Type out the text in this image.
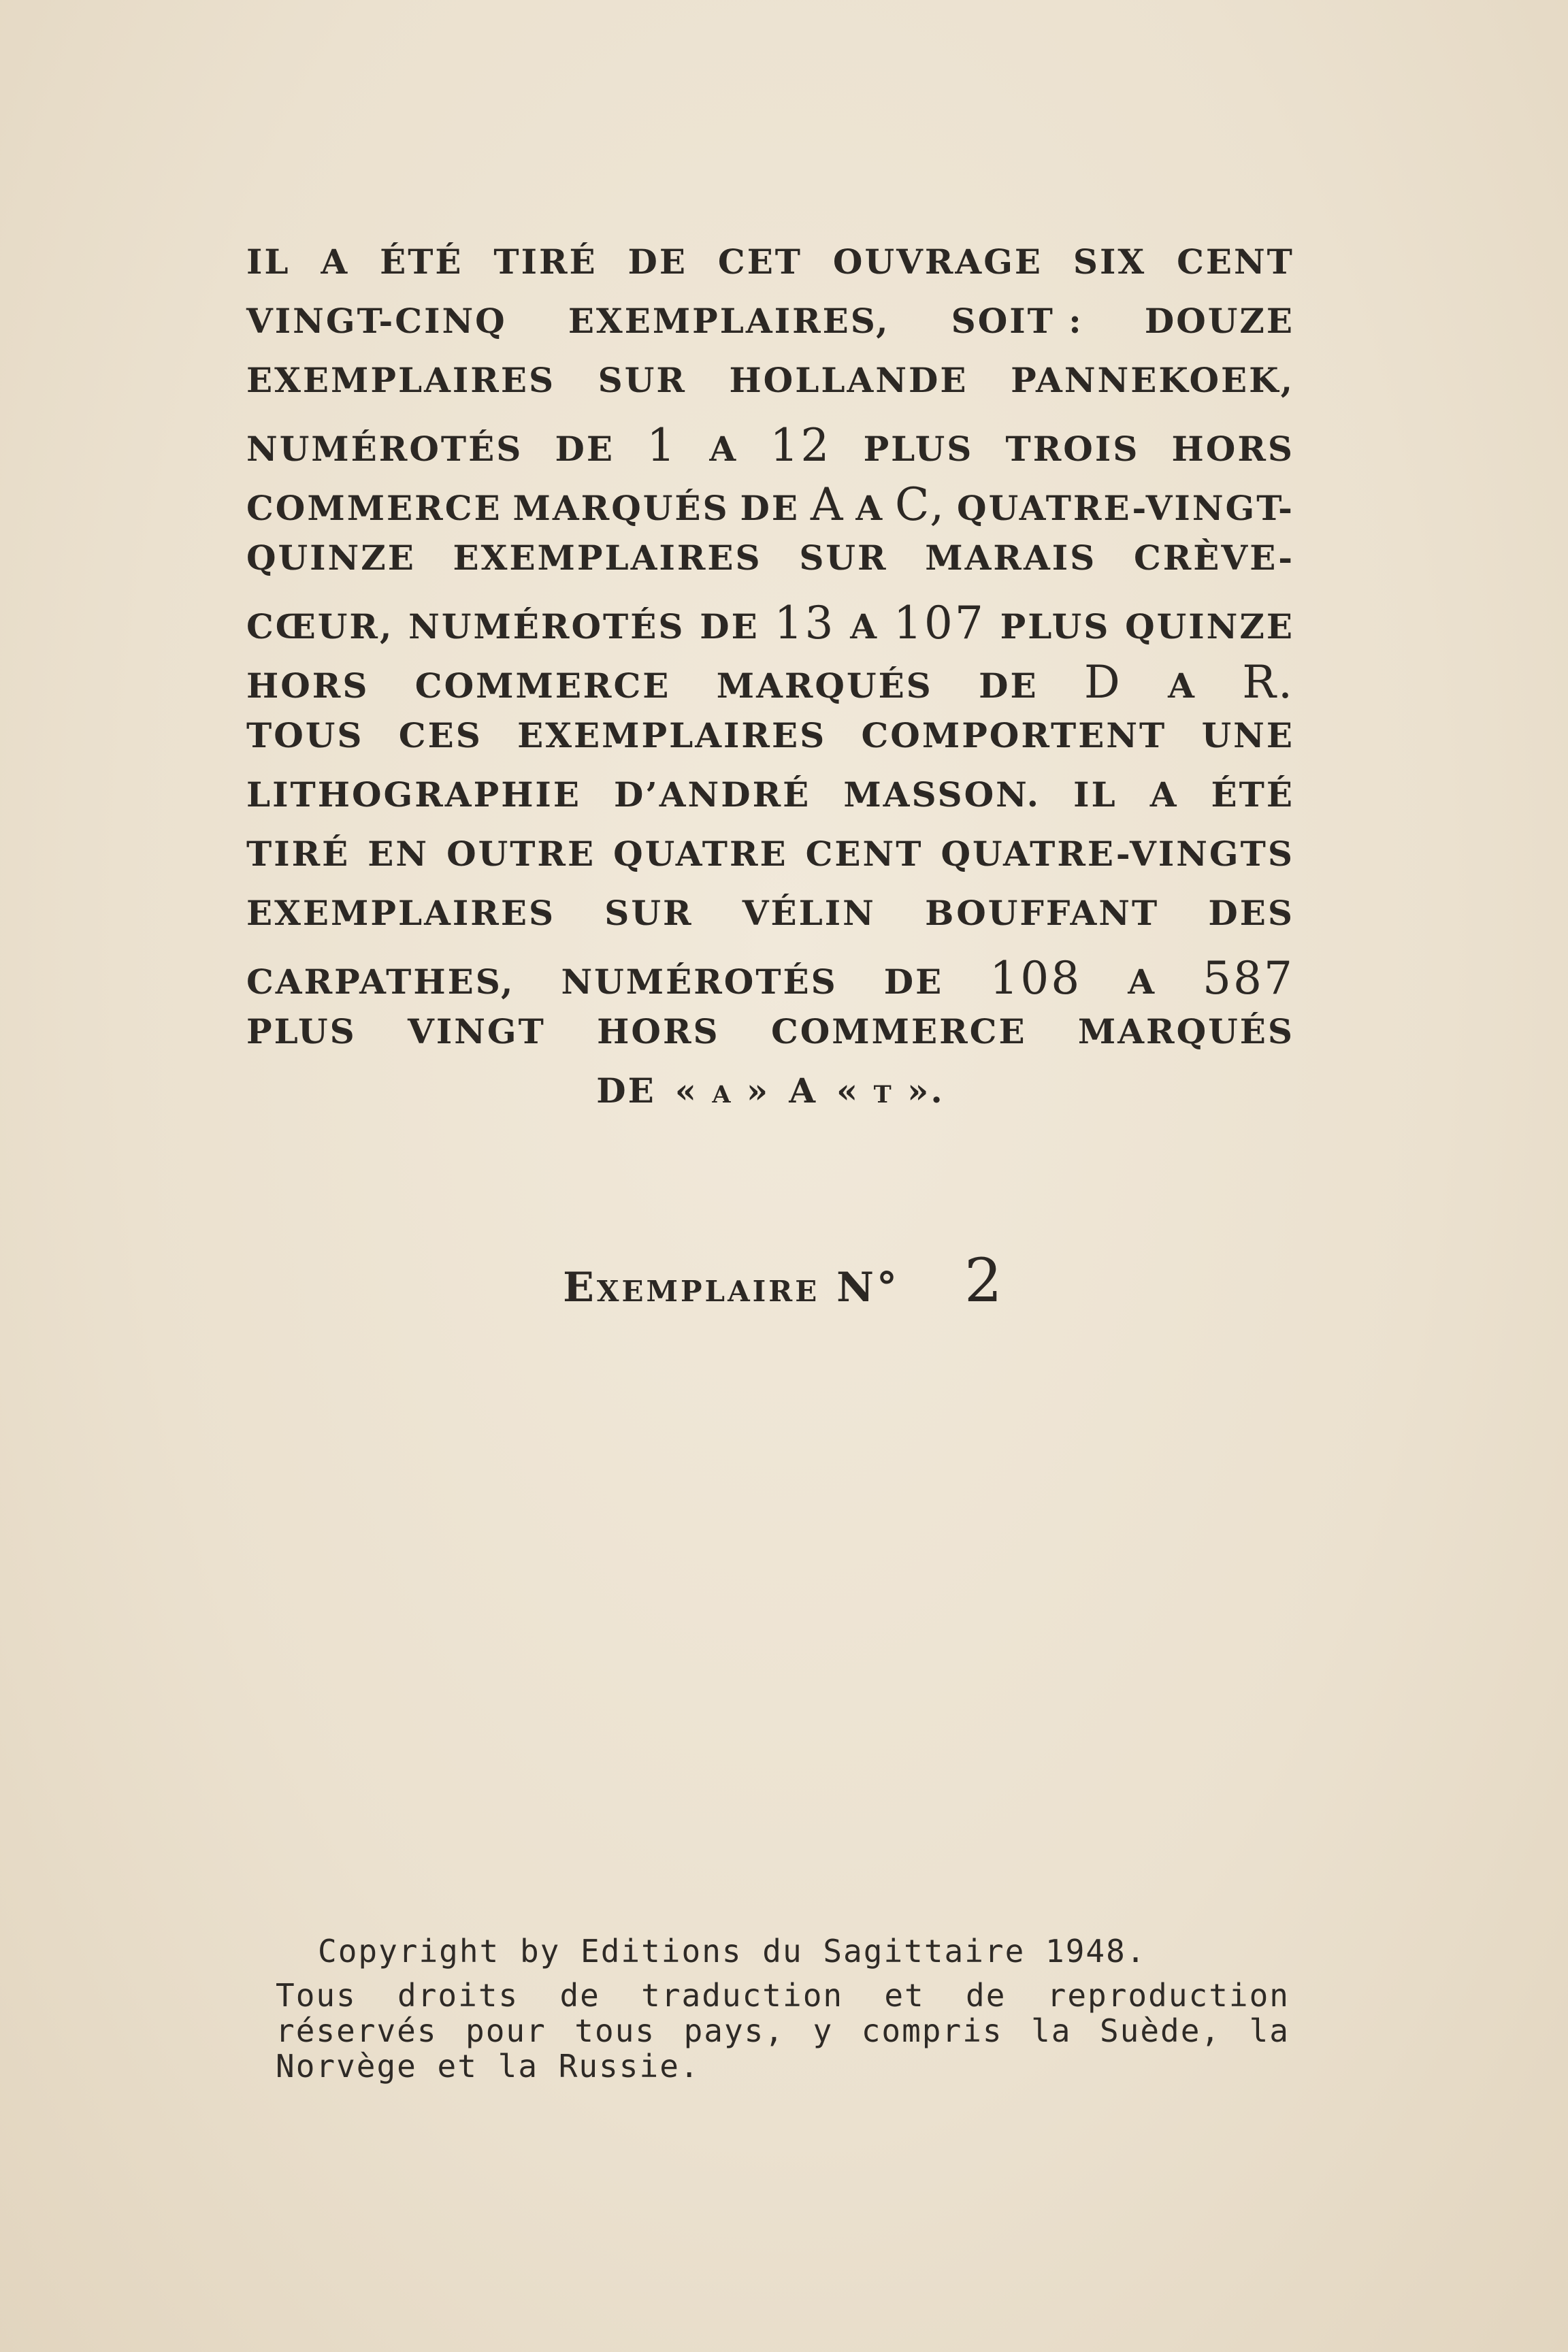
IL A ÉTÉ TIRÉ DE CET OUVRAGE SIX CENT
VINGT-CINQ EXEMPLAIRES, SOIT : DOUZE
EXEMPLAIRES SUR HOLLANDE PANNEKOEK,
NUMÉROTÉS DE 1 A 12 PLUS TROIS HORS
COMMERCE MARQUÉS DE A A C, QUATRE-VINGT-
QUINZE EXEMPLAIRES SUR MARAIS CRÈVE-
CŒUR, NUMÉROTÉS DE 13 A 107 PLUS QUINZE
HORS COMMERCE MARQUÉS DE D A R.
TOUS CES EXEMPLAIRES COMPORTENT UNE
LITHOGRAPHIE D’ANDRÉ MASSON. IL A ÉTÉ
TIRÉ EN OUTRE QUATRE CENT QUATRE-VINGTS
EXEMPLAIRES SUR VÉLIN BOUFFANT DES
CARPATHES, NUMÉROTÉS DE 108 A 587
PLUS VINGT HORS COMMERCE MARQUÉS
DE « a » A « t ».
Exemplaire N° 2
Copyright by Editions du Sagittaire 1948.
Tous droits de traduction et de reproduction réservés pour tous pays, y compris la Suède, la Norvège et la Russie.
